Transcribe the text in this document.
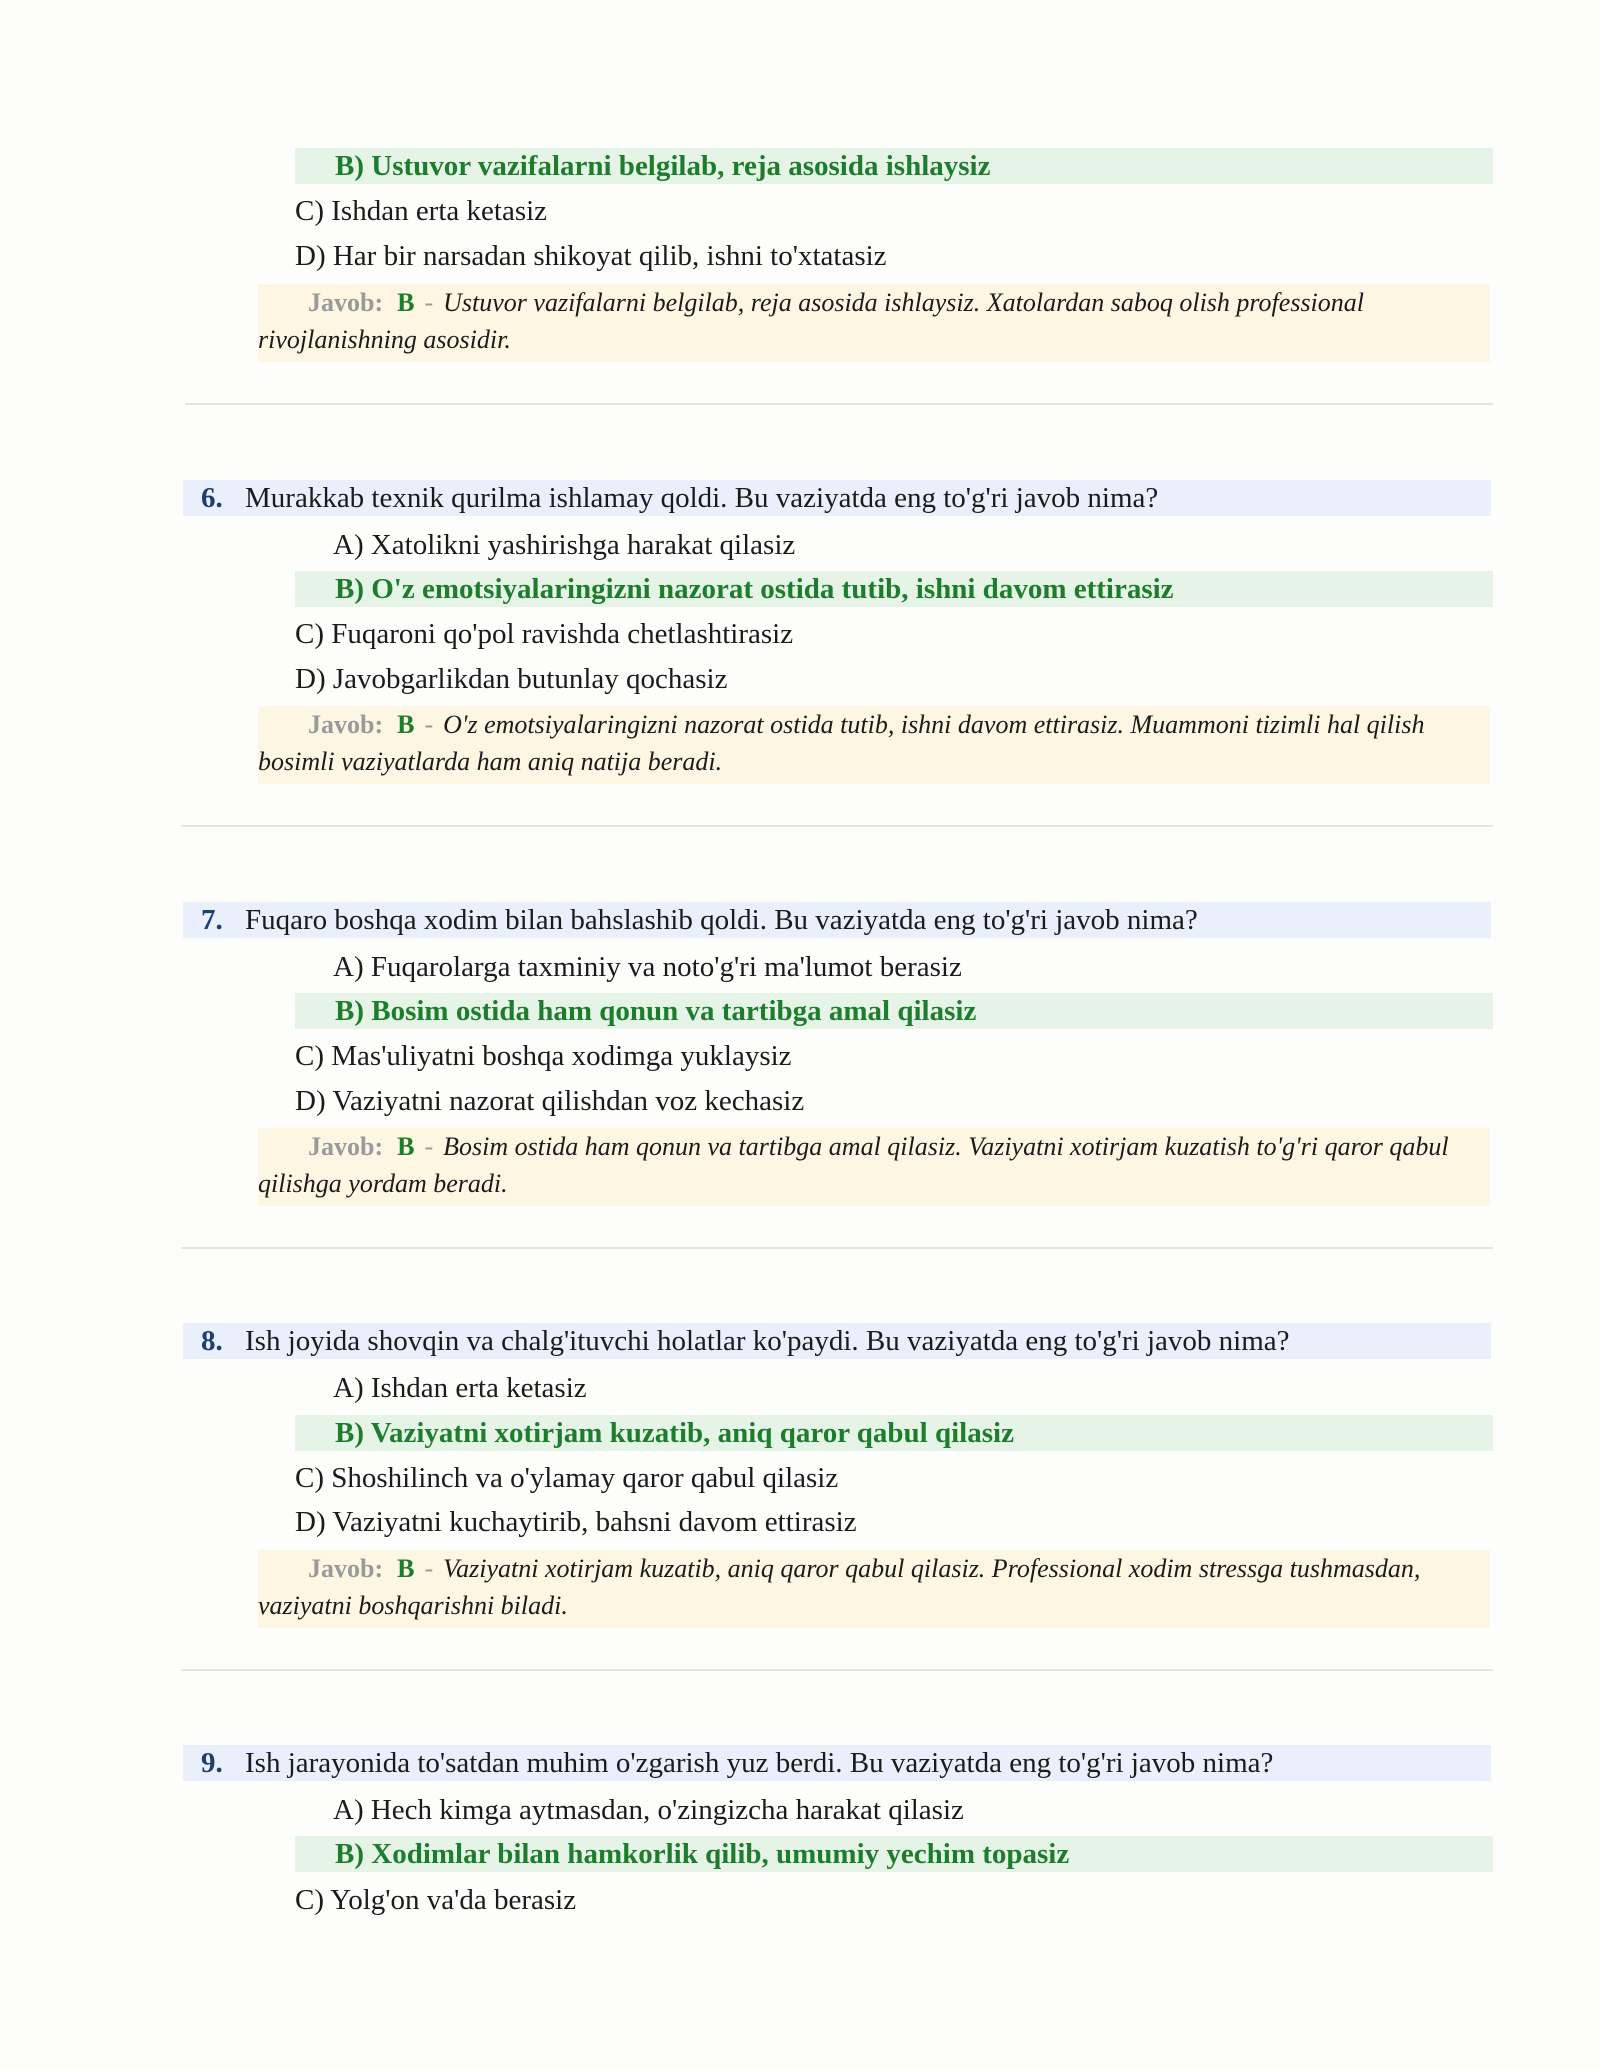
B) Ustuvor vazifalarni belgilab, reja asosida ishlaysiz
C) Ishdan erta ketasiz
D) Har bir narsadan shikoyat qilib, ishni to'xtatasiz
Javob: B - Ustuvor vazifalarni belgilab, reja asosida ishlaysiz. Xatolardan saboq olish professional rivojlanishning asosidir.
6. Murakkab texnik qurilma ishlamay qoldi. Bu vaziyatda eng to'g'ri javob nima?
A) Xatolikni yashirishga harakat qilasiz
B) O'z emotsiyalaringizni nazorat ostida tutib, ishni davom ettirasiz
C) Fuqaroni qo'pol ravishda chetlashtirasiz
D) Javobgarlikdan butunlay qochasiz
Javob: B - O'z emotsiyalaringizni nazorat ostida tutib, ishni davom ettirasiz. Muammoni tizimli hal qilish bosimli vaziyatlarda ham aniq natija beradi.
7. Fuqaro boshqa xodim bilan bahslashib qoldi. Bu vaziyatda eng to'g'ri javob nima?
A) Fuqarolarga taxminiy va noto'g'ri ma'lumot berasiz
B) Bosim ostida ham qonun va tartibga amal qilasiz
C) Mas'uliyatni boshqa xodimga yuklaysiz
D) Vaziyatni nazorat qilishdan voz kechasiz
Javob: B - Bosim ostida ham qonun va tartibga amal qilasiz. Vaziyatni xotirjam kuzatish to'g'ri qaror qabul qilishga yordam beradi.
8. Ish joyida shovqin va chalg'ituvchi holatlar ko'paydi. Bu vaziyatda eng to'g'ri javob nima?
A) Ishdan erta ketasiz
B) Vaziyatni xotirjam kuzatib, aniq qaror qabul qilasiz
C) Shoshilinch va o'ylamay qaror qabul qilasiz
D) Vaziyatni kuchaytirib, bahsni davom ettirasiz
Javob: B - Vaziyatni xotirjam kuzatib, aniq qaror qabul qilasiz. Professional xodim stressga tushmasdan, vaziyatni boshqarishni biladi.
9. Ish jarayonida to'satdan muhim o'zgarish yuz berdi. Bu vaziyatda eng to'g'ri javob nima?
A) Hech kimga aytmasdan, o'zingizcha harakat qilasiz
B) Xodimlar bilan hamkorlik qilib, umumiy yechim topasiz
C) Yolg'on va'da berasiz
